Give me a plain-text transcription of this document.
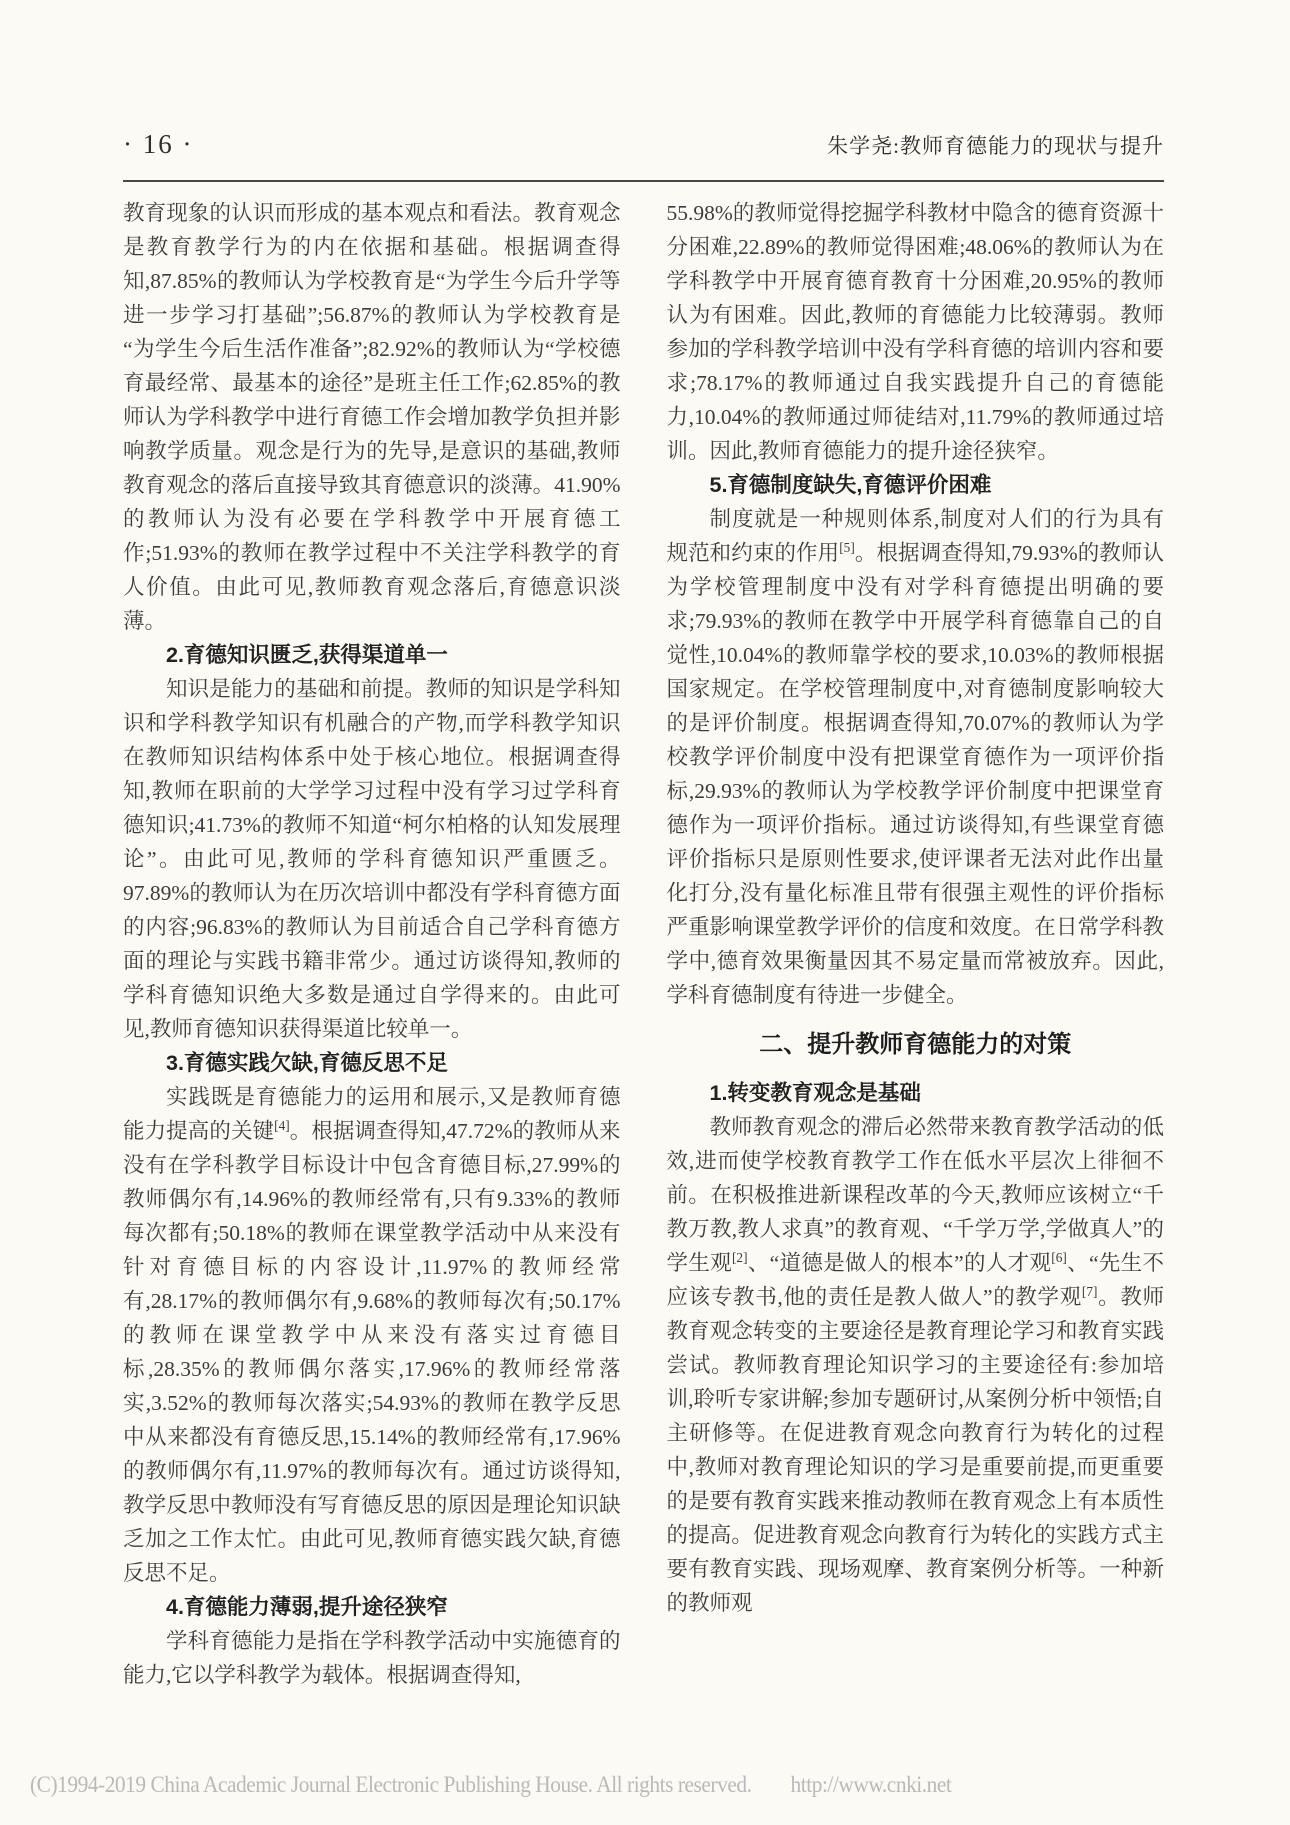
· 16 ·	朱学尧:教师育德能力的现状与提升

教育现象的认识而形成的基本观点和看法。教育观念是教育教学行为的内在依据和基础。根据调查得知,87.85%的教师认为学校教育是“为学生今后升学等进一步学习打基础”;56.87%的教师认为学校教育是“为学生今后生活作准备”;82.92%的教师认为“学校德育最经常、最基本的途径”是班主任工作;62.85%的教师认为学科教学中进行育德工作会增加教学负担并影响教学质量。观念是行为的先导,是意识的基础,教师教育观念的落后直接导致其育德意识的淡薄。41.90%的教师认为没有必要在学科教学中开展育德工作;51.93%的教师在教学过程中不关注学科教学的育人价值。由此可见,教师教育观念落后,育德意识淡薄。

2.育德知识匮乏,获得渠道单一

知识是能力的基础和前提。教师的知识是学科知识和学科教学知识有机融合的产物,而学科教学知识在教师知识结构体系中处于核心地位。根据调查得知,教师在职前的大学学习过程中没有学习过学科育德知识;41.73%的教师不知道“柯尔柏格的认知发展理论”。由此可见,教师的学科育德知识严重匮乏。97.89%的教师认为在历次培训中都没有学科育德方面的内容;96.83%的教师认为目前适合自己学科育德方面的理论与实践书籍非常少。通过访谈得知,教师的学科育德知识绝大多数是通过自学得来的。由此可见,教师育德知识获得渠道比较单一。

3.育德实践欠缺,育德反思不足

实践既是育德能力的运用和展示,又是教师育德能力提高的关键[4]。根据调查得知,47.72%的教师从来没有在学科教学目标设计中包含育德目标,27.99%的教师偶尔有,14.96%的教师经常有,只有9.33%的教师每次都有;50.18%的教师在课堂教学活动中从来没有针对育德目标的内容设计,11.97%的教师经常有,28.17%的教师偶尔有,9.68%的教师每次有;50.17%的教师在课堂教学中从来没有落实过育德目标,28.35%的教师偶尔落实,17.96%的教师经常落实,3.52%的教师每次落实;54.93%的教师在教学反思中从来都没有育德反思,15.14%的教师经常有,17.96%的教师偶尔有,11.97%的教师每次有。通过访谈得知,教学反思中教师没有写育德反思的原因是理论知识缺乏加之工作太忙。由此可见,教师育德实践欠缺,育德反思不足。

4.育德能力薄弱,提升途径狭窄

学科育德能力是指在学科教学活动中实施德育的能力,它以学科教学为载体。根据调查得知,

55.98%的教师觉得挖掘学科教材中隐含的德育资源十分困难,22.89%的教师觉得困难;48.06%的教师认为在学科教学中开展育德育教育十分困难,20.95%的教师认为有困难。因此,教师的育德能力比较薄弱。教师参加的学科教学培训中没有学科育德的培训内容和要求;78.17%的教师通过自我实践提升自己的育德能力,10.04%的教师通过师徒结对,11.79%的教师通过培训。因此,教师育德能力的提升途径狭窄。

5.育德制度缺失,育德评价困难

制度就是一种规则体系,制度对人们的行为具有规范和约束的作用[5]。根据调查得知,79.93%的教师认为学校管理制度中没有对学科育德提出明确的要求;79.93%的教师在教学中开展学科育德靠自己的自觉性,10.04%的教师靠学校的要求,10.03%的教师根据国家规定。在学校管理制度中,对育德制度影响较大的是评价制度。根据调查得知,70.07%的教师认为学校教学评价制度中没有把课堂育德作为一项评价指标,29.93%的教师认为学校教学评价制度中把课堂育德作为一项评价指标。通过访谈得知,有些课堂育德评价指标只是原则性要求,使评课者无法对此作出量化打分,没有量化标准且带有很强主观性的评价指标严重影响课堂教学评价的信度和效度。在日常学科教学中,德育效果衡量因其不易定量而常被放弃。因此,学科育德制度有待进一步健全。

二、提升教师育德能力的对策

1.转变教育观念是基础

教师教育观念的滞后必然带来教育教学活动的低效,进而使学校教育教学工作在低水平层次上徘徊不前。在积极推进新课程改革的今天,教师应该树立“千教万教,教人求真”的教育观、“千学万学,学做真人”的学生观[2]、“道德是做人的根本”的人才观[6]、“先生不应该专教书,他的责任是教人做人”的教学观[7]。教师教育观念转变的主要途径是教育理论学习和教育实践尝试。教师教育理论知识学习的主要途径有:参加培训,聆听专家讲解;参加专题研讨,从案例分析中领悟;自主研修等。在促进教育观念向教育行为转化的过程中,教师对教育理论知识的学习是重要前提,而更重要的是要有教育实践来推动教师在教育观念上有本质性的提高。促进教育观念向教育行为转化的实践方式主要有教育实践、现场观摩、教育案例分析等。一种新的教师观

(C)1994-2019 China Academic Journal Electronic Publishing House. All rights reserved. http://www.cnki.net
